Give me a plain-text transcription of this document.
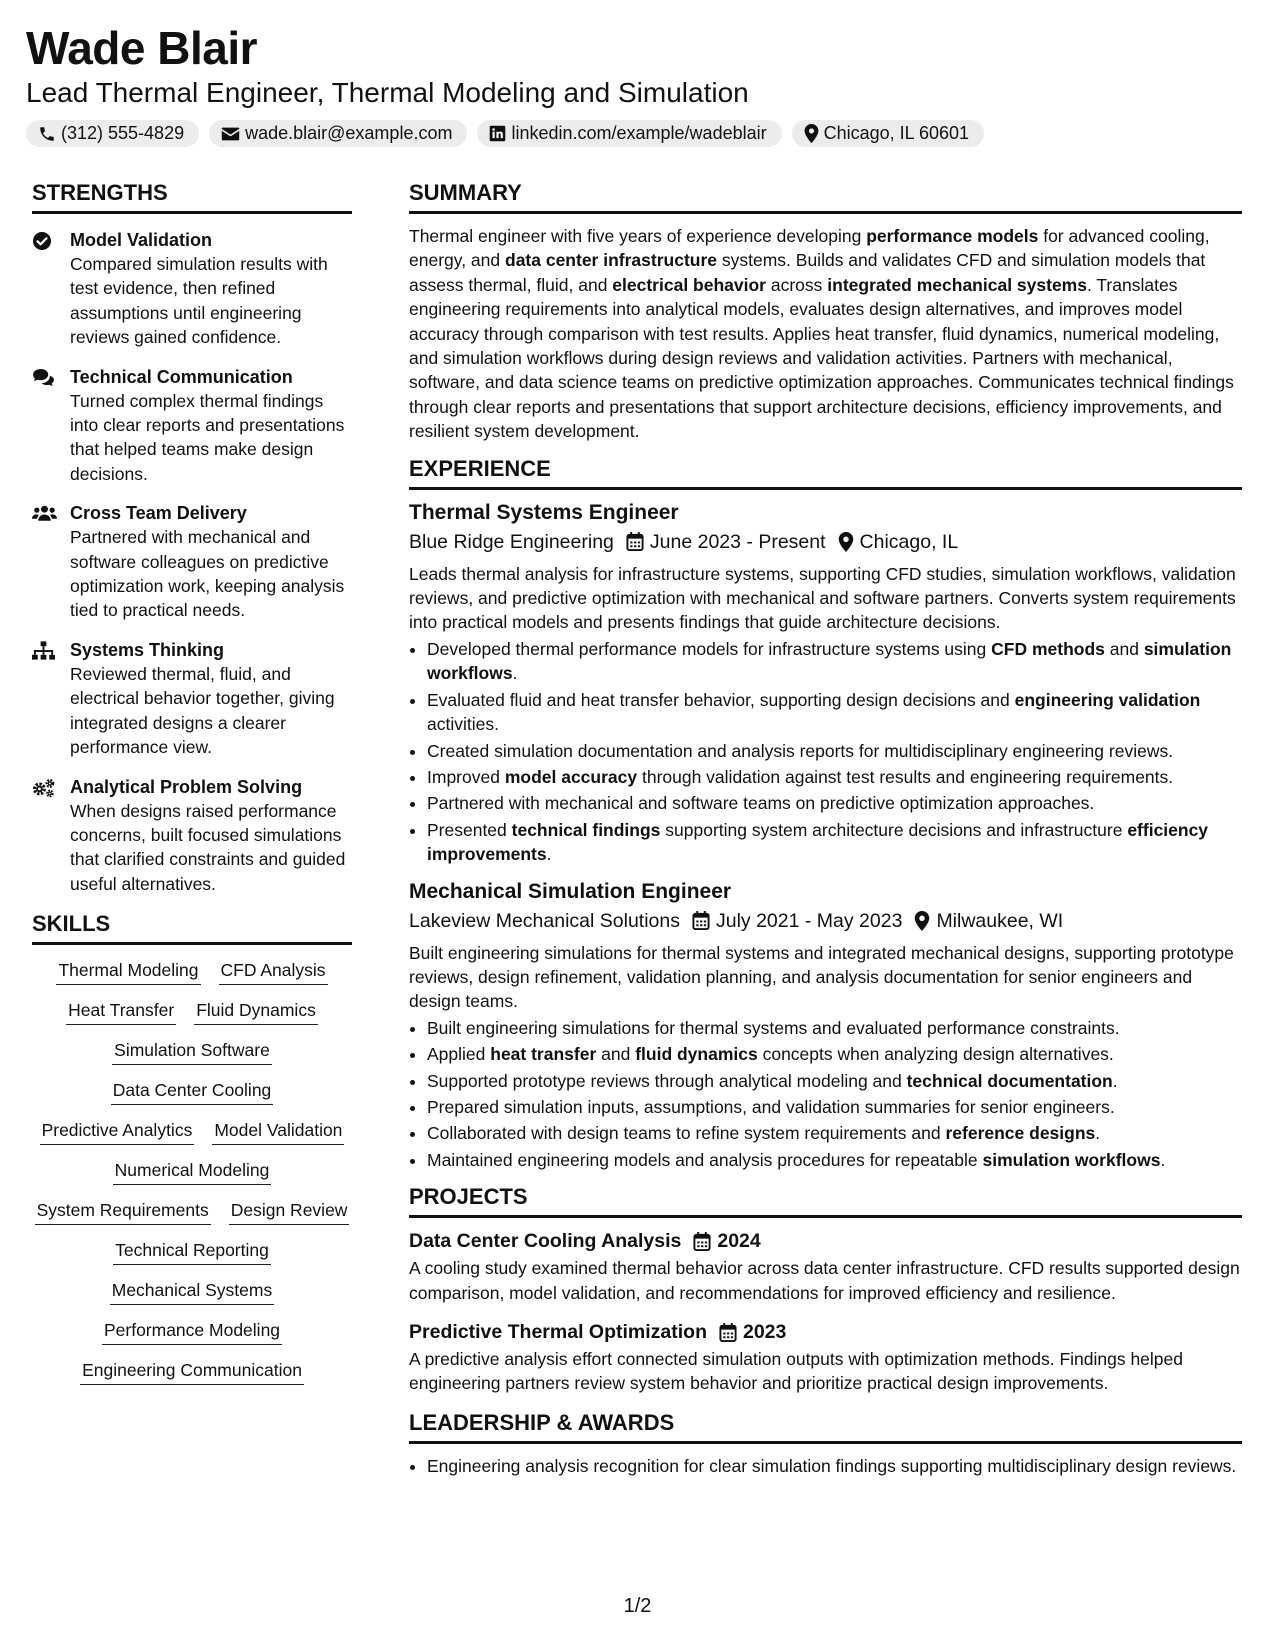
Wade Blair
Lead Thermal Engineer, Thermal Modeling and Simulation
(312) 555-4829	wade.blair@example.com	linkedin.com/example/wadeblair	Chicago, IL 60601
STRENGTHS
Model Validation
Compared simulation results with test evidence, then refined assumptions until engineering reviews gained confidence.
Technical Communication
Turned complex thermal findings into clear reports and presentations that helped teams make design decisions.
Cross Team Delivery
Partnered with mechanical and software colleagues on predictive optimization work, keeping analysis tied to practical needs.
Systems Thinking
Reviewed thermal, fluid, and electrical behavior together, giving integrated designs a clearer performance view.
Analytical Problem Solving
When designs raised performance concerns, built focused simulations that clarified constraints and guided useful alternatives.
SKILLS
Thermal Modeling CFD Analysis
Heat Transfer Fluid Dynamics
Simulation Software
Data Center Cooling
Predictive Analytics Model Validation
Numerical Modeling
System Requirements Design Review
Technical Reporting
Mechanical Systems
Performance Modeling
Engineering Communication
SUMMARY

Thermal engineer with five years of experience developing performance models for advanced cooling, energy, and data center infrastructure systems. Builds and validates CFD and simulation models that assess thermal, fluid, and electrical behavior across integrated mechanical systems. Translates engineering requirements into analytical models, evaluates design alternatives, and improves model accuracy through comparison with test results. Applies heat transfer, fluid dynamics, numerical modeling, and simulation workflows during design reviews and validation activities. Partners with mechanical, software, and data science teams on predictive optimization approaches. Communicates technical findings through clear reports and presentations that support architecture decisions, efficiency improvements, and resilient system development.

EXPERIENCE
Thermal Systems Engineer
Blue Ridge Engineering June 2023 - Present Chicago, IL

Leads thermal analysis for infrastructure systems, supporting CFD studies, simulation workflows, validation reviews, and predictive optimization with mechanical and software partners. Converts system requirements into practical models and presents findings that guide architecture decisions.

• Developed thermal performance models for infrastructure systems using CFD methods and simulation workflows.
• Evaluated fluid and heat transfer behavior, supporting design decisions and engineering validation activities.
• Created simulation documentation and analysis reports for multidisciplinary engineering reviews.
• Improved model accuracy through validation against test results and engineering requirements.
• Partnered with mechanical and software teams on predictive optimization approaches.
• Presented technical findings supporting system architecture decisions and infrastructure efficiency improvements.
Mechanical Simulation Engineer
Lakeview Mechanical Solutions July 2021 - May 2023 Milwaukee, WI

Built engineering simulations for thermal systems and integrated mechanical designs, supporting prototype reviews, design refinement, validation planning, and analysis documentation for senior engineers and design teams.

• Built engineering simulations for thermal systems and evaluated performance constraints.
• Applied heat transfer and fluid dynamics concepts when analyzing design alternatives.
• Supported prototype reviews through analytical modeling and technical documentation.
• Prepared simulation inputs, assumptions, and validation summaries for senior engineers.
• Collaborated with design teams to refine system requirements and reference designs.
• Maintained engineering models and analysis procedures for repeatable simulation workflows.
PROJECTS
Data Center Cooling Analysis 2024
A cooling study examined thermal behavior across data center infrastructure. CFD results supported design comparison, model validation, and recommendations for improved efficiency and resilience.
Predictive Thermal Optimization 2023
A predictive analysis effort connected simulation outputs with optimization methods. Findings helped engineering partners review system behavior and prioritize practical design improvements.
LEADERSHIP & AWARDS
• Engineering analysis recognition for clear simulation findings supporting multidisciplinary design reviews.
1/2
